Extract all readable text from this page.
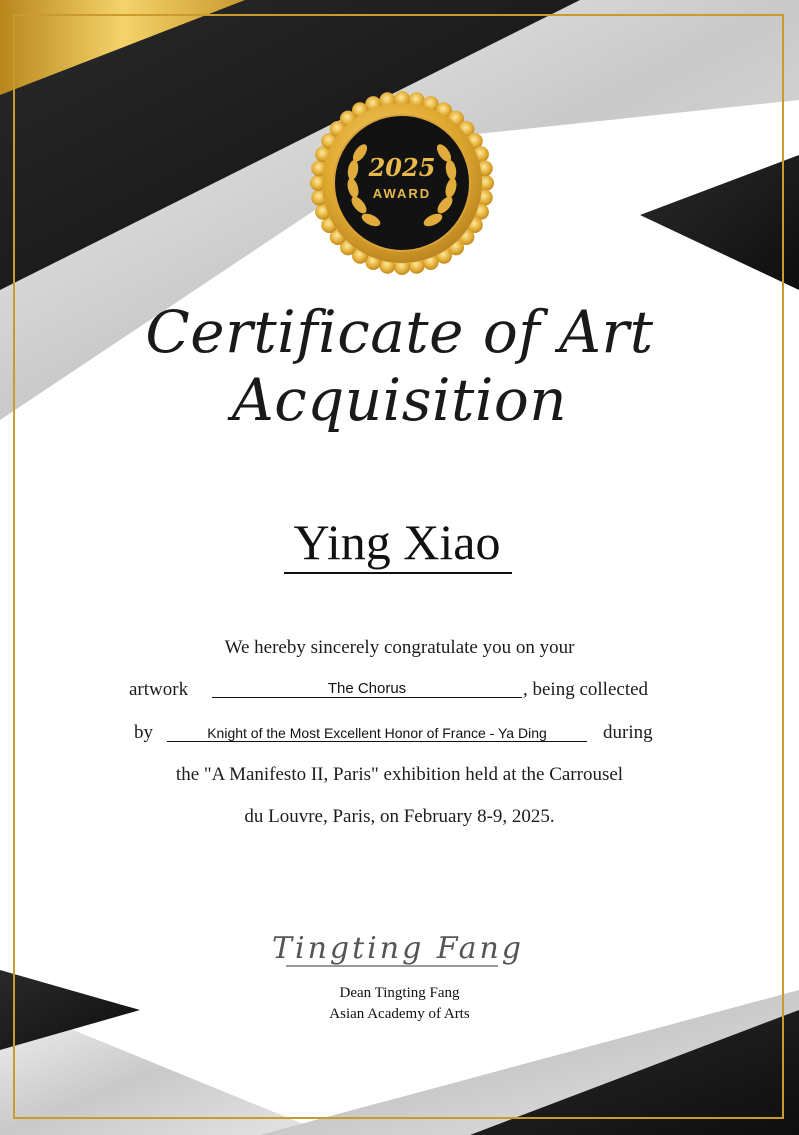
2025
AWARD
Certificate of Art Acquisition
Ying Xiao
We hereby sincerely congratulate you on your
artwork	The Chorus	, being collected
by	Knight of the Most Excellent Honor of France - Ya Ding	during
the "A Manifesto II, Paris" exhibition held at the Carrousel
du Louvre, Paris, on February 8-9, 2025.
Tingting Fang
Dean Tingting Fang
Asian Academy of Arts
